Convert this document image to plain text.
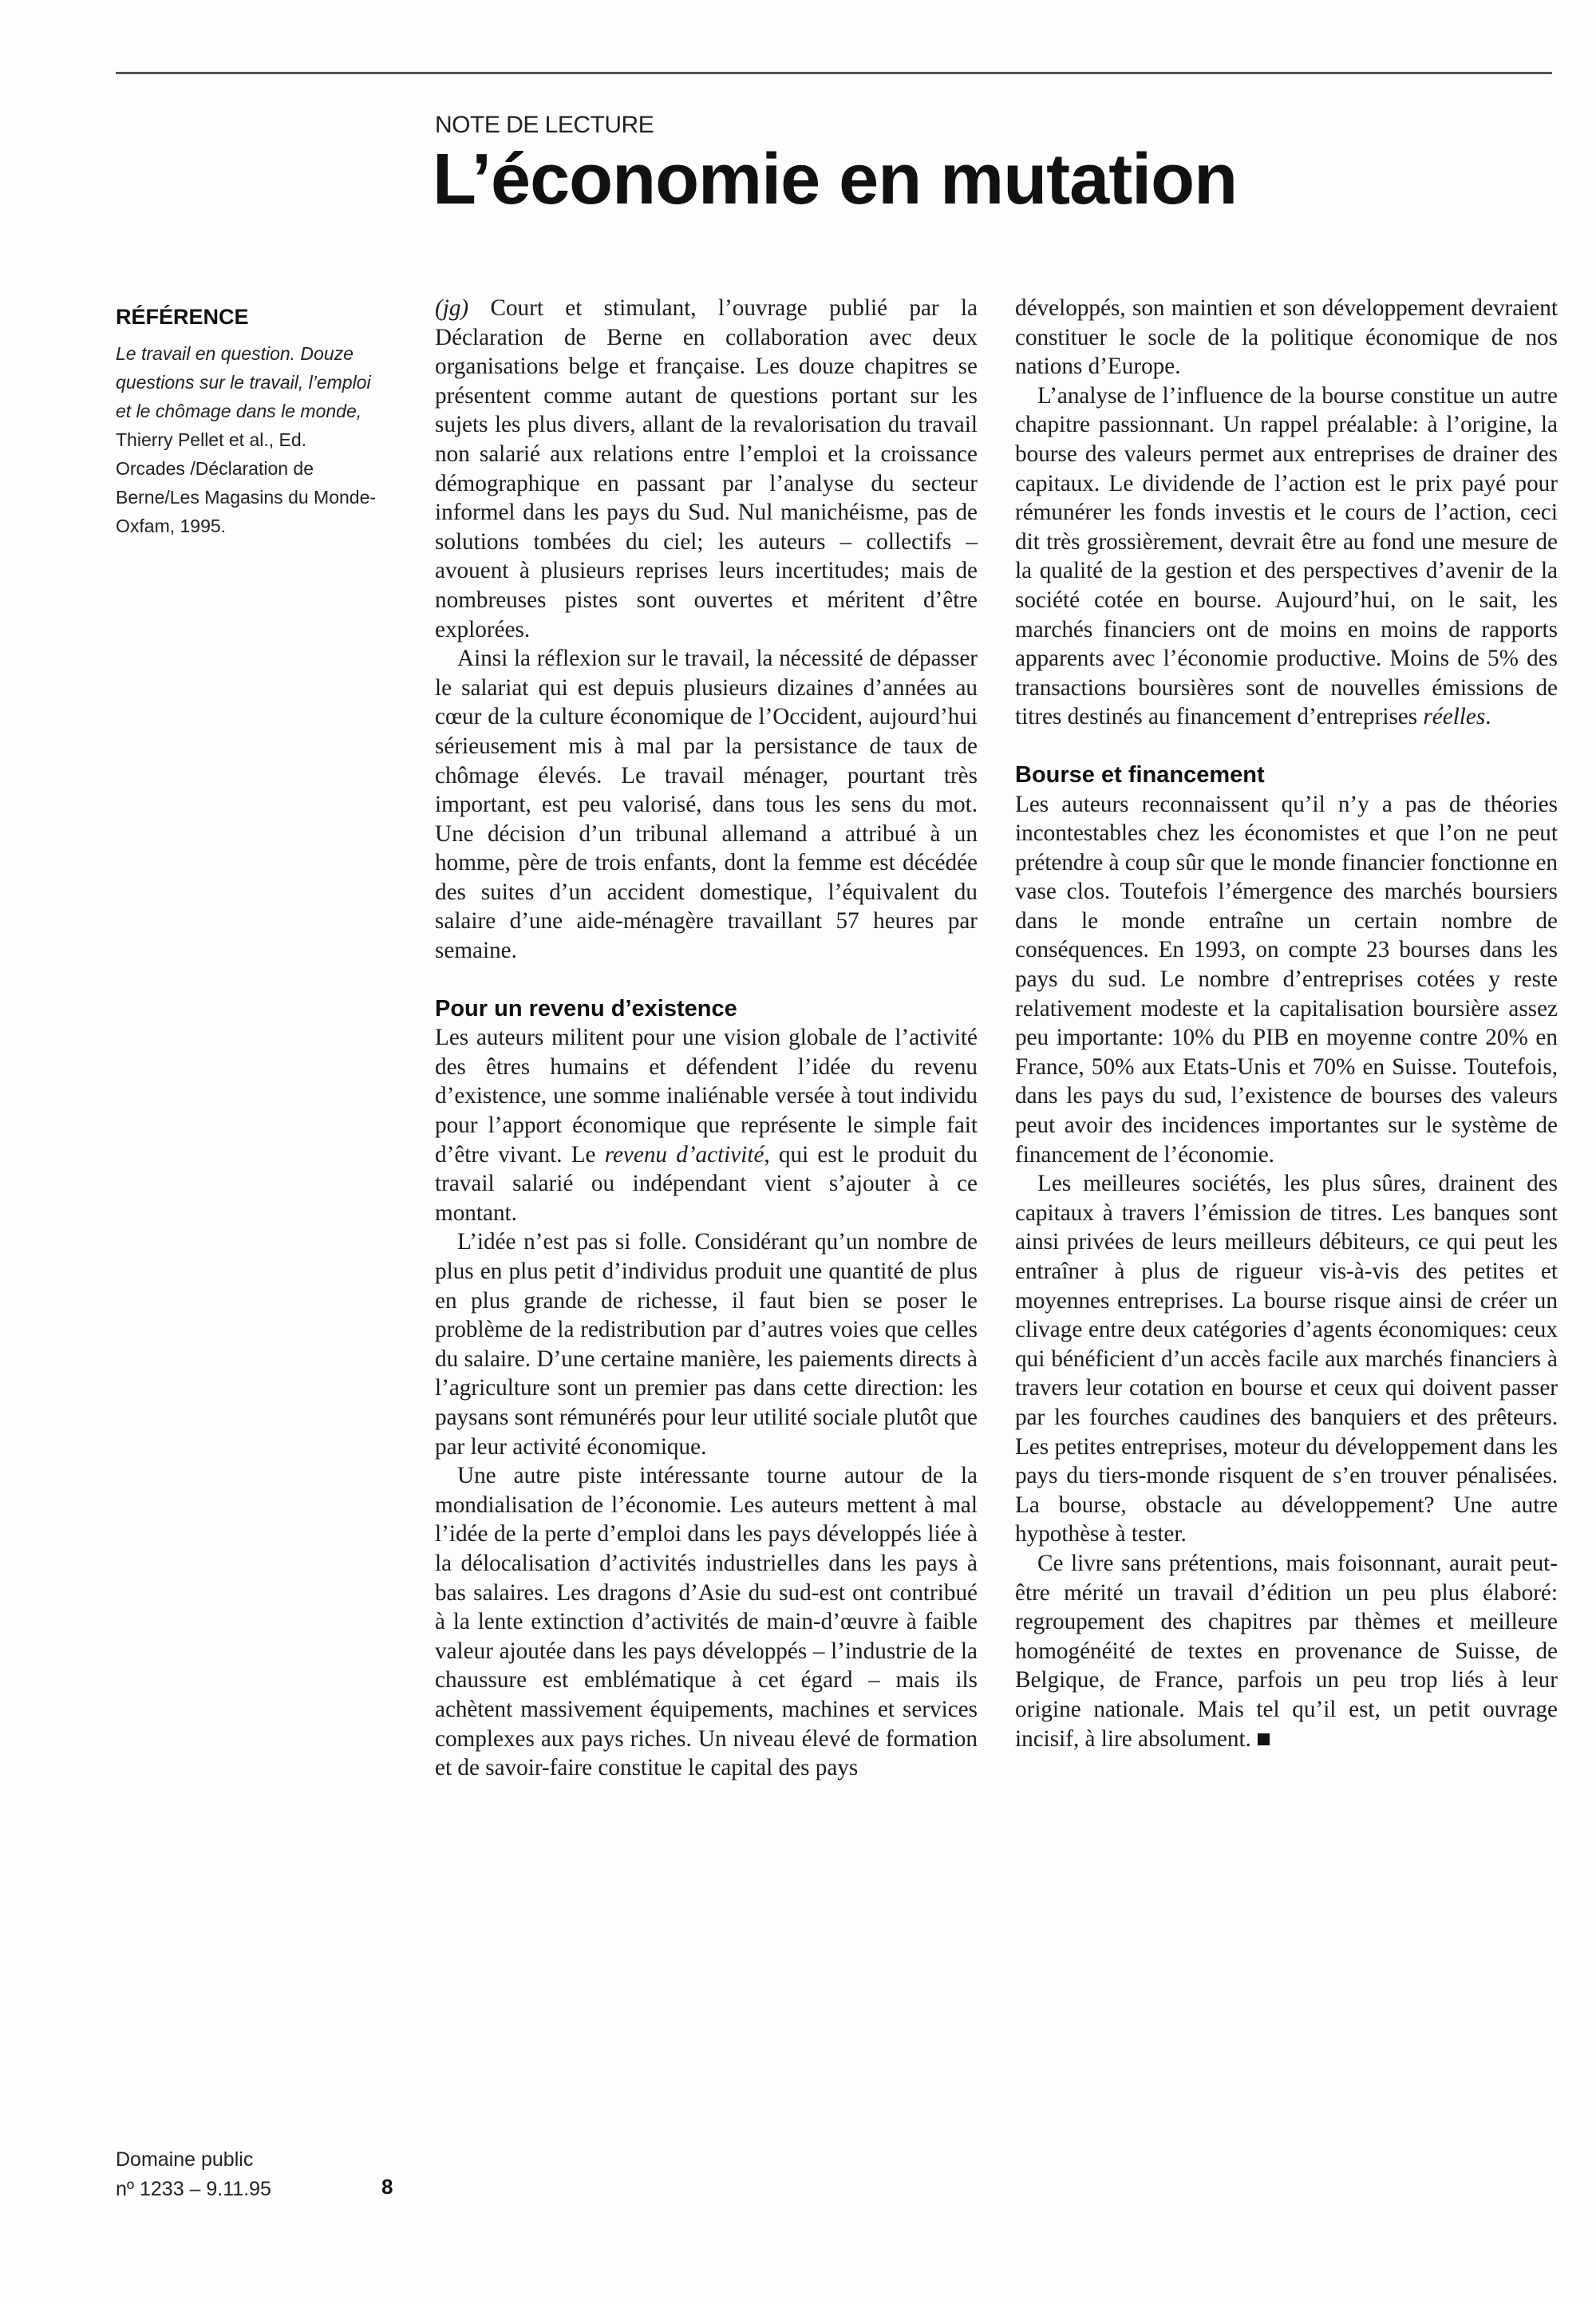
NOTE DE LECTURE
L’économie en mutation

RÉFÉRENCE

Le travail en question. Douze questions sur le travail, l’emploi et le chômage dans le monde, Thierry Pellet et al., Ed. Orcades /Déclaration de Berne/Les Magasins du Monde-Oxfam, 1995.

Domaine public
nº 1233 – 9.11.95	8

(jg) Court et stimulant, l’ouvrage publié par la Déclaration de Berne en collaboration avec deux organisations belge et française. Les douze chapitres se présentent comme autant de questions portant sur les sujets les plus divers, allant de la revalorisation du travail non salarié aux relations entre l’emploi et la croissance démographique en passant par l’analyse du secteur informel dans les pays du Sud. Nul manichéisme, pas de solutions tombées du ciel; les auteurs – collectifs – avouent à plusieurs reprises leurs incertitudes; mais de nombreuses pistes sont ouvertes et méritent d’être explorées.

Ainsi la réflexion sur le travail, la nécessité de dépasser le salariat qui est depuis plusieurs dizaines d’années au cœur de la culture économique de l’Occident, aujourd’hui sérieusement mis à mal par la persistance de taux de chômage élevés. Le travail ménager, pourtant très important, est peu valorisé, dans tous les sens du mot. Une décision d’un tribunal allemand a attribué à un homme, père de trois enfants, dont la femme est décédée des suites d’un accident domestique, l’équivalent du salaire d’une aide-ménagère travaillant 57 heures par semaine.

Pour un revenu d’existence

Les auteurs militent pour une vision globale de l’activité des êtres humains et défendent l’idée du revenu d’existence, une somme inaliénable versée à tout individu pour l’apport économique que représente le simple fait d’être vivant. Le revenu d’activité, qui est le produit du travail salarié ou indépendant vient s’ajouter à ce montant.

L’idée n’est pas si folle. Considérant qu’un nombre de plus en plus petit d’individus produit une quantité de plus en plus grande de richesse, il faut bien se poser le problème de la redistribution par d’autres voies que celles du salaire. D’une certaine manière, les paiements directs à l’agriculture sont un premier pas dans cette direction: les paysans sont rémunérés pour leur utilité sociale plutôt que par leur activité économique.

Une autre piste intéressante tourne autour de la mondialisation de l’économie. Les auteurs mettent à mal l’idée de la perte d’emploi dans les pays développés liée à la délocalisation d’activités industrielles dans les pays à bas salaires. Les dragons d’Asie du sud-est ont contribué à la lente extinction d’activités de main-d’œuvre à faible valeur ajoutée dans les pays développés – l’industrie de la chaussure est emblématique à cet égard – mais ils achètent massivement équipements, machines et services complexes aux pays riches. Un niveau élevé de formation et de savoir-faire constitue le capital des pays

développés, son maintien et son développement devraient constituer le socle de la politique économique de nos nations d’Europe.

L’analyse de l’influence de la bourse constitue un autre chapitre passionnant. Un rappel préalable: à l’origine, la bourse des valeurs permet aux entreprises de drainer des capitaux. Le dividende de l’action est le prix payé pour rémunérer les fonds investis et le cours de l’action, ceci dit très grossièrement, devrait être au fond une mesure de la qualité de la gestion et des perspectives d’avenir de la société cotée en bourse. Aujourd’hui, on le sait, les marchés financiers ont de moins en moins de rapports apparents avec l’économie productive. Moins de 5% des transactions boursières sont de nouvelles émissions de titres destinés au financement d’entreprises réelles.

Bourse et financement

Les auteurs reconnaissent qu’il n’y a pas de théories incontestables chez les économistes et que l’on ne peut prétendre à coup sûr que le monde financier fonctionne en vase clos. Toutefois l’émergence des marchés boursiers dans le monde entraîne un certain nombre de conséquences. En 1993, on compte 23 bourses dans les pays du sud. Le nombre d’entreprises cotées y reste relativement modeste et la capitalisation boursière assez peu importante: 10% du PIB en moyenne contre 20% en France, 50% aux Etats-Unis et 70% en Suisse. Toutefois, dans les pays du sud, l’existence de bourses des valeurs peut avoir des incidences importantes sur le système de financement de l’économie.

Les meilleures sociétés, les plus sûres, drainent des capitaux à travers l’émission de titres. Les banques sont ainsi privées de leurs meilleurs débiteurs, ce qui peut les entraîner à plus de rigueur vis-à-vis des petites et moyennes entreprises. La bourse risque ainsi de créer un clivage entre deux catégories d’agents économiques: ceux qui bénéficient d’un accès facile aux marchés financiers à travers leur cotation en bourse et ceux qui doivent passer par les fourches caudines des banquiers et des prêteurs. Les petites entreprises, moteur du développement dans les pays du tiers-monde risquent de s’en trouver pénalisées. La bourse, obstacle au développement? Une autre hypothèse à tester.

Ce livre sans prétentions, mais foisonnant, aurait peut-être mérité un travail d’édition un peu plus élaboré: regroupement des chapitres par thèmes et meilleure homogénéité de textes en provenance de Suisse, de Belgique, de France, parfois un peu trop liés à leur origine nationale. Mais tel qu’il est, un petit ouvrage incisif, à lire absolument.
